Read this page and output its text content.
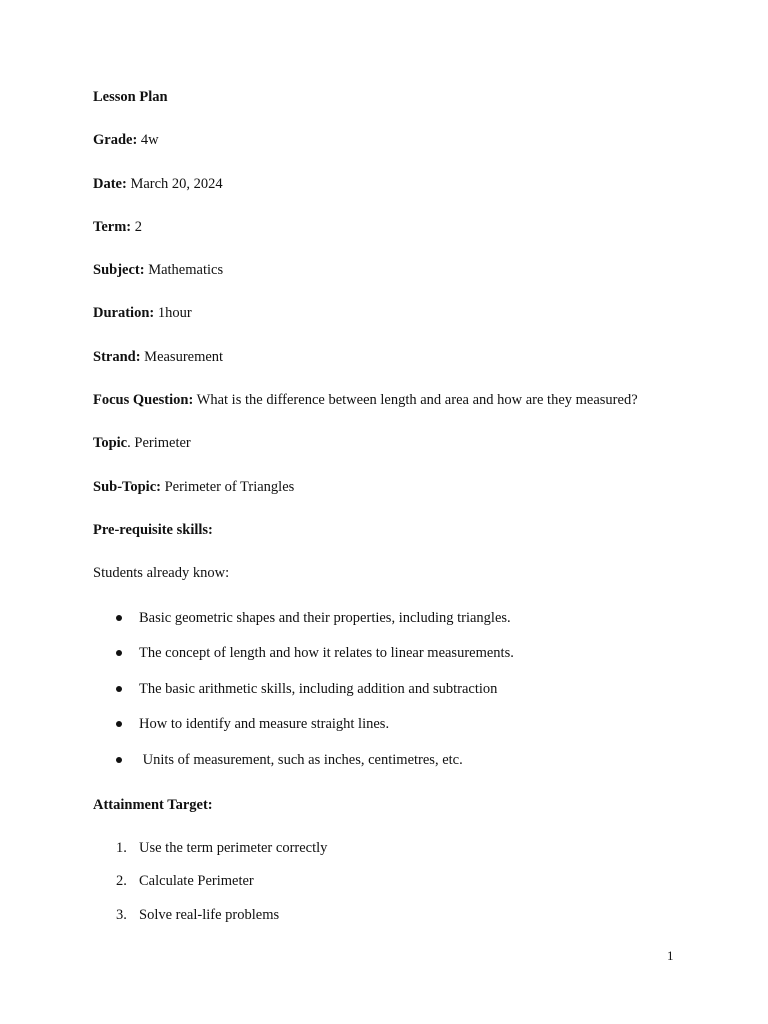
Lesson Plan
Grade: 4w
Date: March 20, 2024
Term: 2
Subject: Mathematics
Duration: 1hour
Strand: Measurement
Focus Question: What is the difference between length and area and how are they measured?
Topic. Perimeter
Sub-Topic: Perimeter of Triangles
Pre-requisite skills:
Students already know:
Basic geometric shapes and their properties, including triangles.
The concept of length and how it relates to linear measurements.
The basic arithmetic skills, including addition and subtraction
How to identify and measure straight lines.
Units of measurement, such as inches, centimetres, etc.
Attainment Target:
1. Use the term perimeter correctly
2. Calculate Perimeter
3. Solve real-life problems
1
